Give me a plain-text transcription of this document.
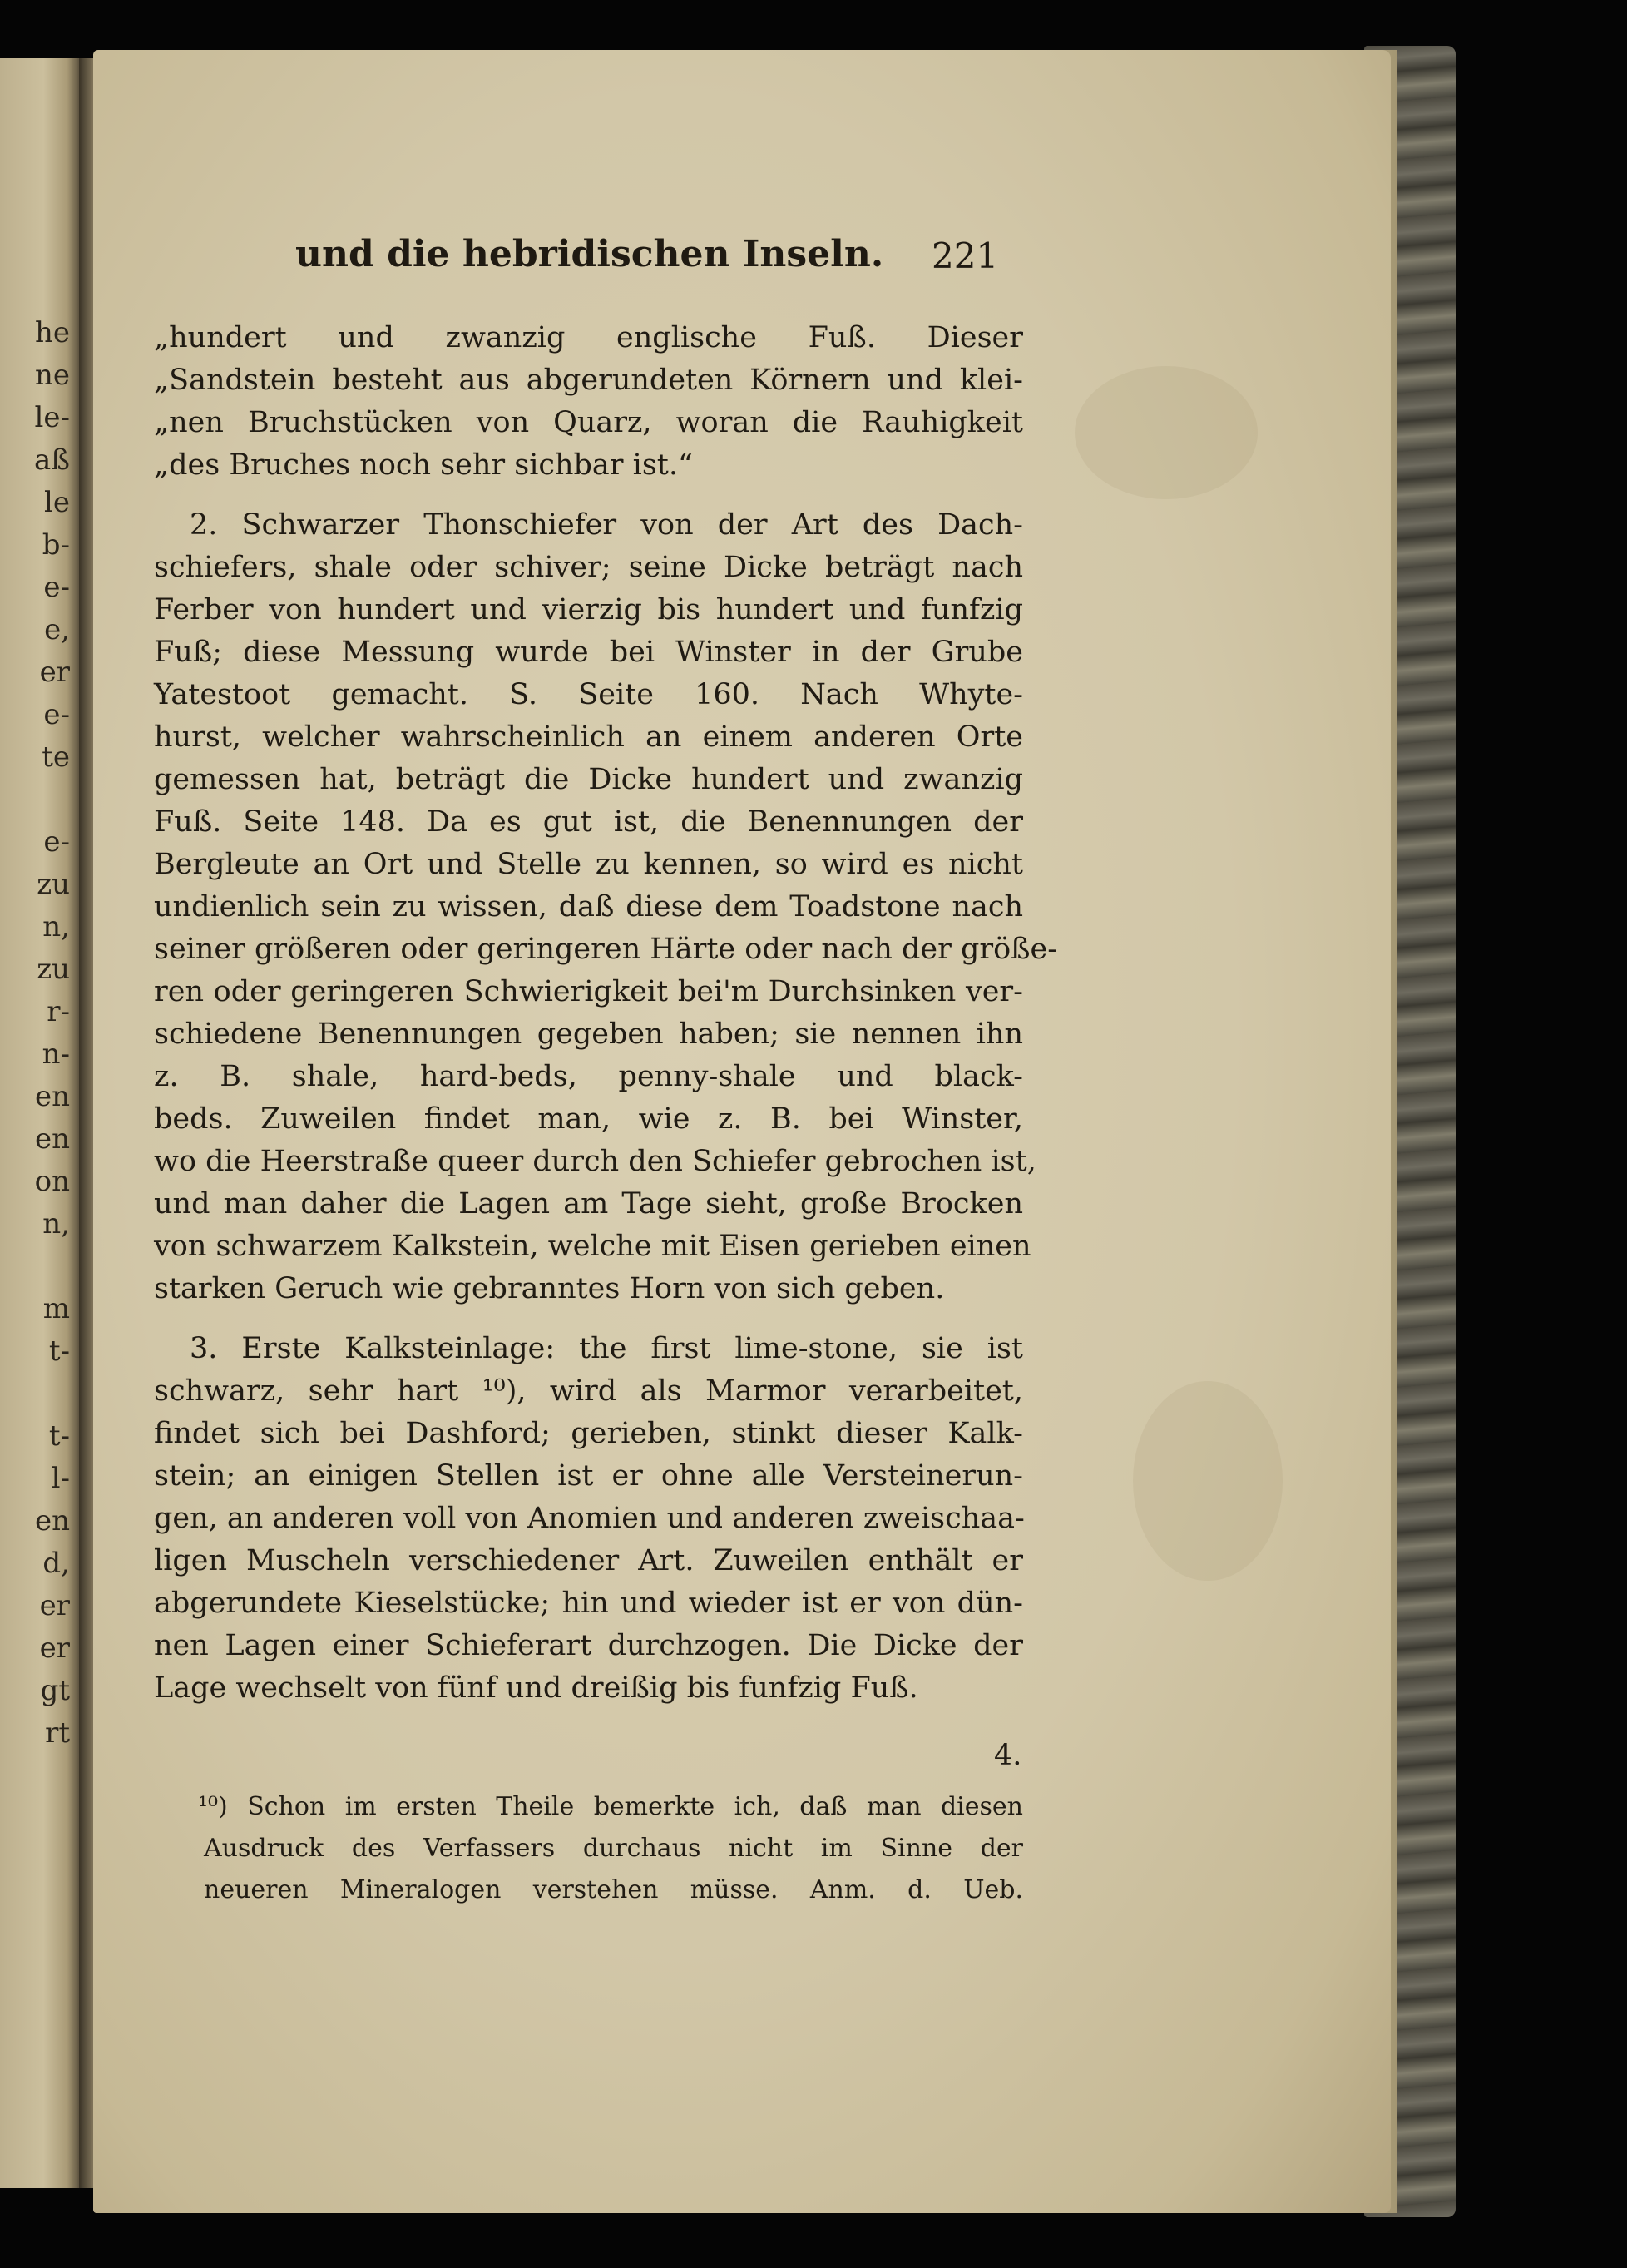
he
ne
le-
aß
le
b-
e-
e,
er
e-
te
e-
zu
n,
zu
r-
n-
en
en
on
n,
m
t-
t-
l-
en
d,
er
er
gt
rt
und die hebridischen Inseln. 221
„hundert und zwanzig englische Fuß. Dieser
„Sandstein besteht aus abgerundeten Körnern und klei-
„nen Bruchstücken von Quarz, woran die Rauhigkeit
„des Bruches noch sehr sichbar ist.“
2. Schwarzer Thonschiefer von der Art des Dach-
schiefers, shale oder schiver; seine Dicke beträgt nach
Ferber von hundert und vierzig bis hundert und funfzig
Fuß; diese Messung wurde bei Winster in der Grube
Yatestoot gemacht. S. Seite 160. Nach Whyte-
hurst, welcher wahrscheinlich an einem anderen Orte
gemessen hat, beträgt die Dicke hundert und zwanzig
Fuß. Seite 148. Da es gut ist, die Benennungen der
Bergleute an Ort und Stelle zu kennen, so wird es nicht
undienlich sein zu wissen, daß diese dem Toadstone nach
seiner größeren oder geringeren Härte oder nach der größe-
ren oder geringeren Schwierigkeit bei'm Durchsinken ver-
schiedene Benennungen gegeben haben; sie nennen ihn
z. B. shale, hard-beds, penny-shale und black-
beds. Zuweilen findet man, wie z. B. bei Winster,
wo die Heerstraße queer durch den Schiefer gebrochen ist,
und man daher die Lagen am Tage sieht, große Brocken
von schwarzem Kalkstein, welche mit Eisen gerieben einen
starken Geruch wie gebranntes Horn von sich geben.
3. Erste Kalksteinlage: the first lime-stone, sie ist
schwarz, sehr hart ¹⁰), wird als Marmor verarbeitet,
findet sich bei Dashford; gerieben, stinkt dieser Kalk-
stein; an einigen Stellen ist er ohne alle Versteinerun-
gen, an anderen voll von Anomien und anderen zweischaa-
ligen Muscheln verschiedener Art. Zuweilen enthält er
abgerundete Kieselstücke; hin und wieder ist er von dün-
nen Lagen einer Schieferart durchzogen. Die Dicke der
Lage wechselt von fünf und dreißig bis funfzig Fuß.
4.
¹⁰) Schon im ersten Theile bemerkte ich, daß man diesen
Ausdruck des Verfassers durchaus nicht im Sinne der
neueren Mineralogen verstehen müsse. Anm. d. Ueb.
